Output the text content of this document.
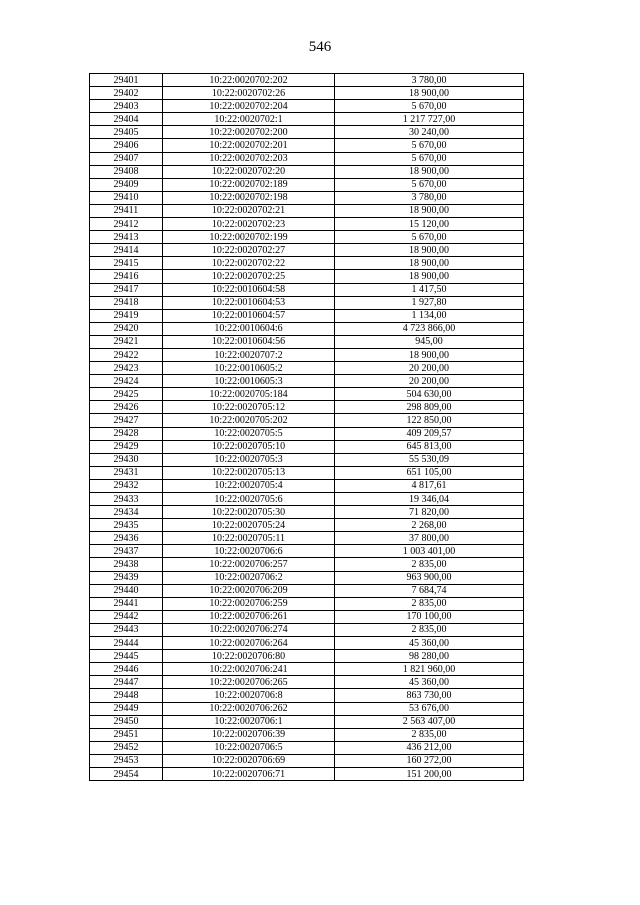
546
29401	10:22:0020702:202	3 780,00
29402	10:22:0020702:26	18 900,00
29403	10:22:0020702:204	5 670,00
29404	10:22:0020702:1	1 217 727,00
29405	10:22:0020702:200	30 240,00
29406	10:22:0020702:201	5 670,00
29407	10:22:0020702:203	5 670,00
29408	10:22:0020702:20	18 900,00
29409	10:22:0020702:189	5 670,00
29410	10:22:0020702:198	3 780,00
29411	10:22:0020702:21	18 900,00
29412	10:22:0020702:23	15 120,00
29413	10:22:0020702:199	5 670,00
29414	10:22:0020702:27	18 900,00
29415	10:22:0020702:22	18 900,00
29416	10:22:0020702:25	18 900,00
29417	10:22:0010604:58	1 417,50
29418	10:22:0010604:53	1 927,80
29419	10:22:0010604:57	1 134,00
29420	10:22:0010604:6	4 723 866,00
29421	10:22:0010604:56	945,00
29422	10:22:0020707:2	18 900,00
29423	10:22:0010605:2	20 200,00
29424	10:22:0010605:3	20 200,00
29425	10:22:0020705:184	504 630,00
29426	10:22:0020705:12	298 809,00
29427	10:22:0020705:202	122 850,00
29428	10:22:0020705:5	409 209,57
29429	10:22:0020705:10	645 813,00
29430	10:22:0020705:3	55 530,09
29431	10:22:0020705:13	651 105,00
29432	10:22:0020705:4	4 817,61
29433	10:22:0020705:6	19 346,04
29434	10:22:0020705:30	71 820,00
29435	10:22:0020705:24	2 268,00
29436	10:22:0020705:11	37 800,00
29437	10:22:0020706:6	1 003 401,00
29438	10:22:0020706:257	2 835,00
29439	10:22:0020706:2	963 900,00
29440	10:22:0020706:209	7 684,74
29441	10:22:0020706:259	2 835,00
29442	10:22:0020706:261	170 100,00
29443	10:22:0020706:274	2 835,00
29444	10:22:0020706:264	45 360,00
29445	10:22:0020706:80	98 280,00
29446	10:22:0020706:241	1 821 960,00
29447	10:22:0020706:265	45 360,00
29448	10:22:0020706:8	863 730,00
29449	10:22:0020706:262	53 676,00
29450	10:22:0020706:1	2 563 407,00
29451	10:22:0020706:39	2 835,00
29452	10:22:0020706:5	436 212,00
29453	10:22:0020706:69	160 272,00
29454	10:22:0020706:71	151 200,00
